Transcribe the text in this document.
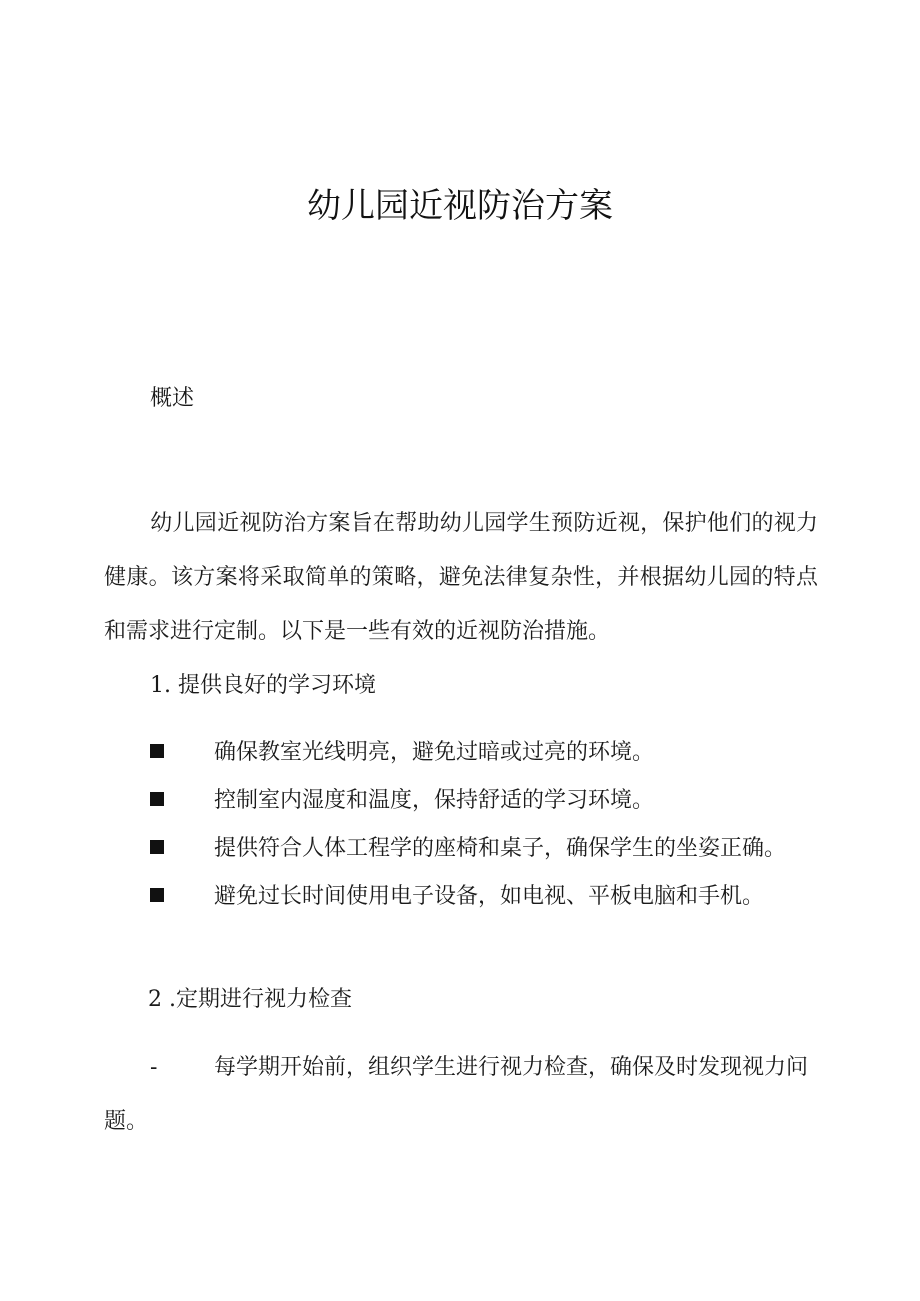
幼儿园近视防治方案
概述
幼儿园近视防治方案旨在帮助幼儿园学生预防近视，保护他们的视力健康。该方案将采取简单的策略，避免法律复杂性，并根据幼儿园的特点和需求进行定制。以下是一些有效的近视防治措施。
1. 提供良好的学习环境
确保教室光线明亮，避免过暗或过亮的环境。
控制室内湿度和温度，保持舒适的学习环境。
提供符合人体工程学的座椅和桌子，确保学生的坐姿正确。
避免过长时间使用电子设备，如电视、平板电脑和手机。
2 .定期进行视力检查
-	每学期开始前，组织学生进行视力检查，确保及时发现视力问题。
